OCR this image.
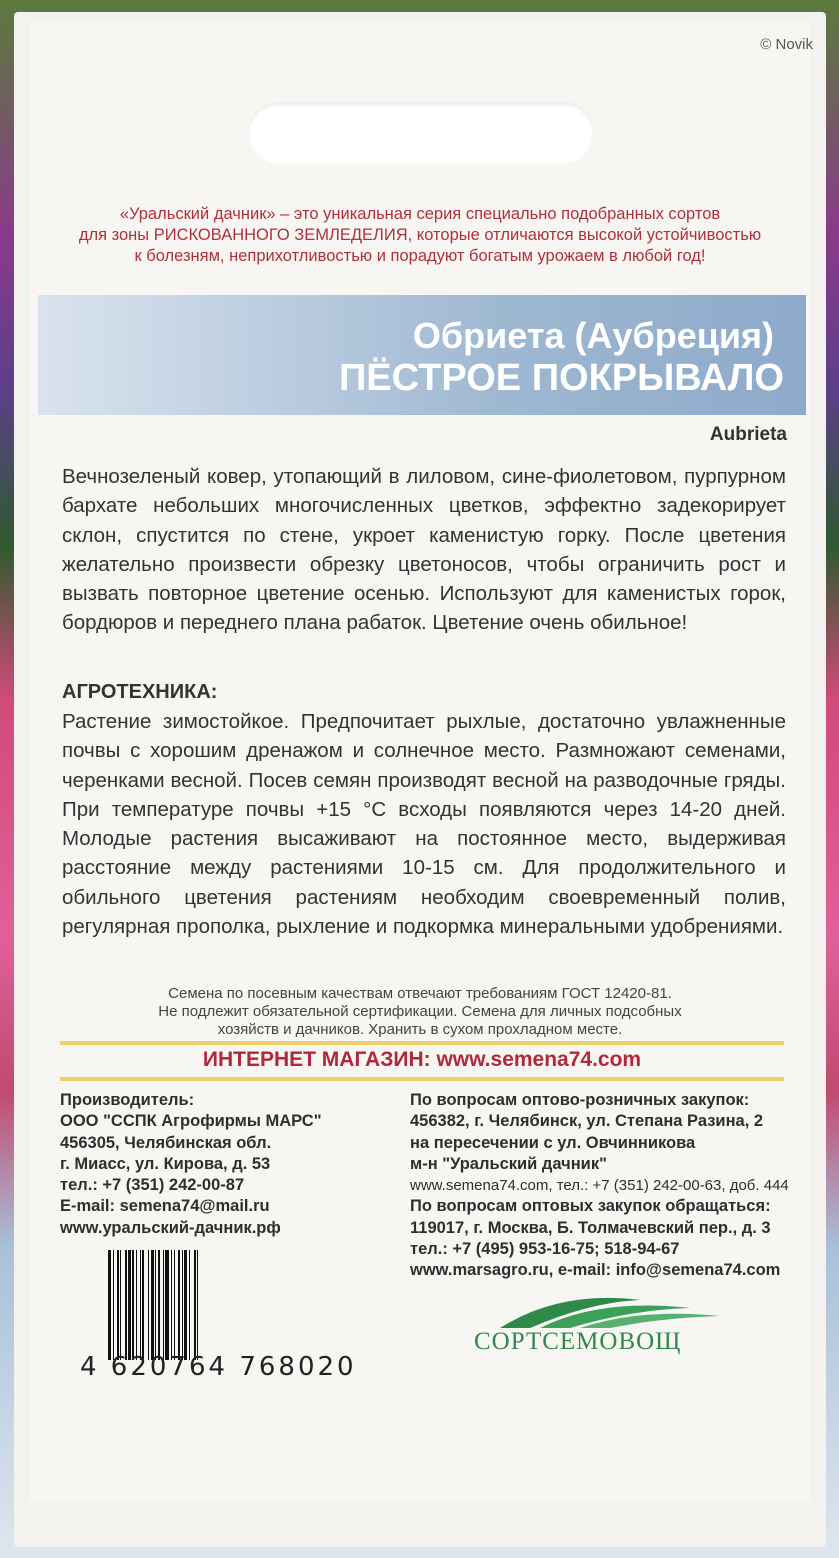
© Novik
«Уральский дачник» – это уникальная серия специально подобранных сортов
для зоны РИСКОВАННОГО ЗЕМЛЕДЕЛИЯ, которые отличаются высокой устойчивостью
к болезням, неприхотливостью и порадуют богатым урожаем в любой год!
Обриета (Аубреция)
ПЁСТРОЕ ПОКРЫВАЛО
Aubrieta
Вечнозеленый ковер, утопающий в лиловом, сине-фиолетовом, пурпурном бархате небольших многочисленных цветков, эффектно задекорирует склон, спустится по стене, укроет каменистую горку. После цветения желательно произвести обрезку цветоносов, чтобы ограничить рост и вызвать повторное цветение осенью. Используют для каменистых горок, бордюров и переднего плана рабаток. Цветение очень обильное!
АГРОТЕХНИКА:
Растение зимостойкое. Предпочитает рыхлые, достаточно увлажненные почвы с хорошим дренажом и солнечное место. Размножают семенами, черенками весной. Посев семян производят весной на разводочные гряды. При температуре почвы +15 °С всходы появляются через 14-20 дней. Молодые растения высаживают на постоянное место, выдерживая расстояние между растениями 10-15 см. Для продолжительного и обильного цветения растениям необходим своевременный полив, регулярная прополка, рыхление и подкормка минеральными удобрениями.
Семена по посевным качествам отвечают требованиям ГОСТ 12420-81.
Не подлежит обязательной сертификации. Семена для личных подсобных
хозяйств и дачников. Хранить в сухом прохладном месте.
ИНТЕРНЕТ МАГАЗИН: www.semena74.com
Производитель:
ООО "ССПК Агрофирмы МАРС"
456305, Челябинская обл.
г. Миасс, ул. Кирова, д. 53
тел.: +7 (351) 242-00-87
E-mail: semena74@mail.ru
www.уральский-дачник.рф
По вопросам оптово-розничных закупок:
456382, г. Челябинск, ул. Степана Разина, 2
на пересечении с ул. Овчинникова
м-н "Уральский дачник"
www.semena74.com, тел.: +7 (351) 242-00-63, доб. 444
По вопросам оптовых закупок обращаться:
119017, г. Москва, Б. Толмачевский пер., д. 3
тел.: +7 (495) 953-16-75; 518-94-67
www.marsagro.ru, e-mail: info@semena74.com
4 620764 768020
СОРТСЕМОВОЩ
